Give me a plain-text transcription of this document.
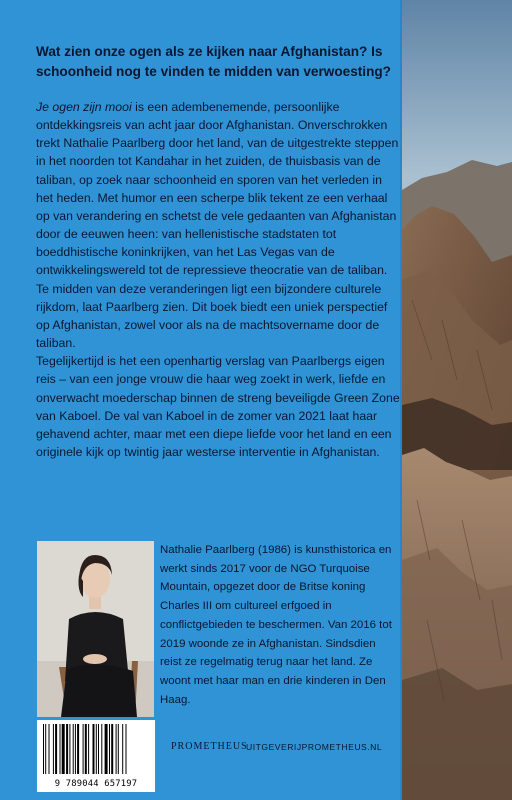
Wat zien onze ogen als ze kijken naar Afghanistan? Is schoonheid nog te vinden te midden van verwoesting?

Je ogen zijn mooi is een adembenemende, persoonlijke ontdekkingsreis van acht jaar door Afghanistan. Onverschrokken trekt Nathalie Paarlberg door het land, van de uitgestrekte steppen in het noorden tot Kandahar in het zuiden, de thuisbasis van de taliban, op zoek naar schoonheid en sporen van het verleden in het heden. Met humor en een scherpe blik tekent ze een verhaal op van verandering en schetst de vele gedaanten van Afghanistan door de eeuwen heen: van hellenistische stadstaten tot boeddhistische koninkrijken, van het Las Vegas van de ontwikkelingswereld tot de repressieve theocratie van de taliban. Te midden van deze veranderingen ligt een bijzondere culturele rijkdom, laat Paarlberg zien. Dit boek biedt een uniek perspectief op Afghanistan, zowel voor als na de machtsovername door de taliban.

Tegelijkertijd is het een openhartig verslag van Paarlbergs eigen reis – van een jonge vrouw die haar weg zoekt in werk, liefde en onverwacht moederschap binnen de streng beveiligde Green Zone van Kaboel. De val van Kaboel in de zomer van 2021 laat haar gehavend achter, maar met een diepe liefde voor het land en een originele kijk op twintig jaar westerse interventie in Afghanistan.

Nathalie Paarlberg (1986) is kunsthistorica en werkt sinds 2017 voor de NGO Turquoise Mountain, opgezet door de Britse koning Charles III om cultureel erfgoed in conflictgebieden te beschermen. Van 2016 tot 2019 woonde ze in Afghanistan. Sindsdien reist ze regelmatig terug naar het land. Ze woont met haar man en drie kinderen in Den Haag.

9 789044 657197
PROMETHEUS
UITGEVERIJPROMETHEUS.NL
